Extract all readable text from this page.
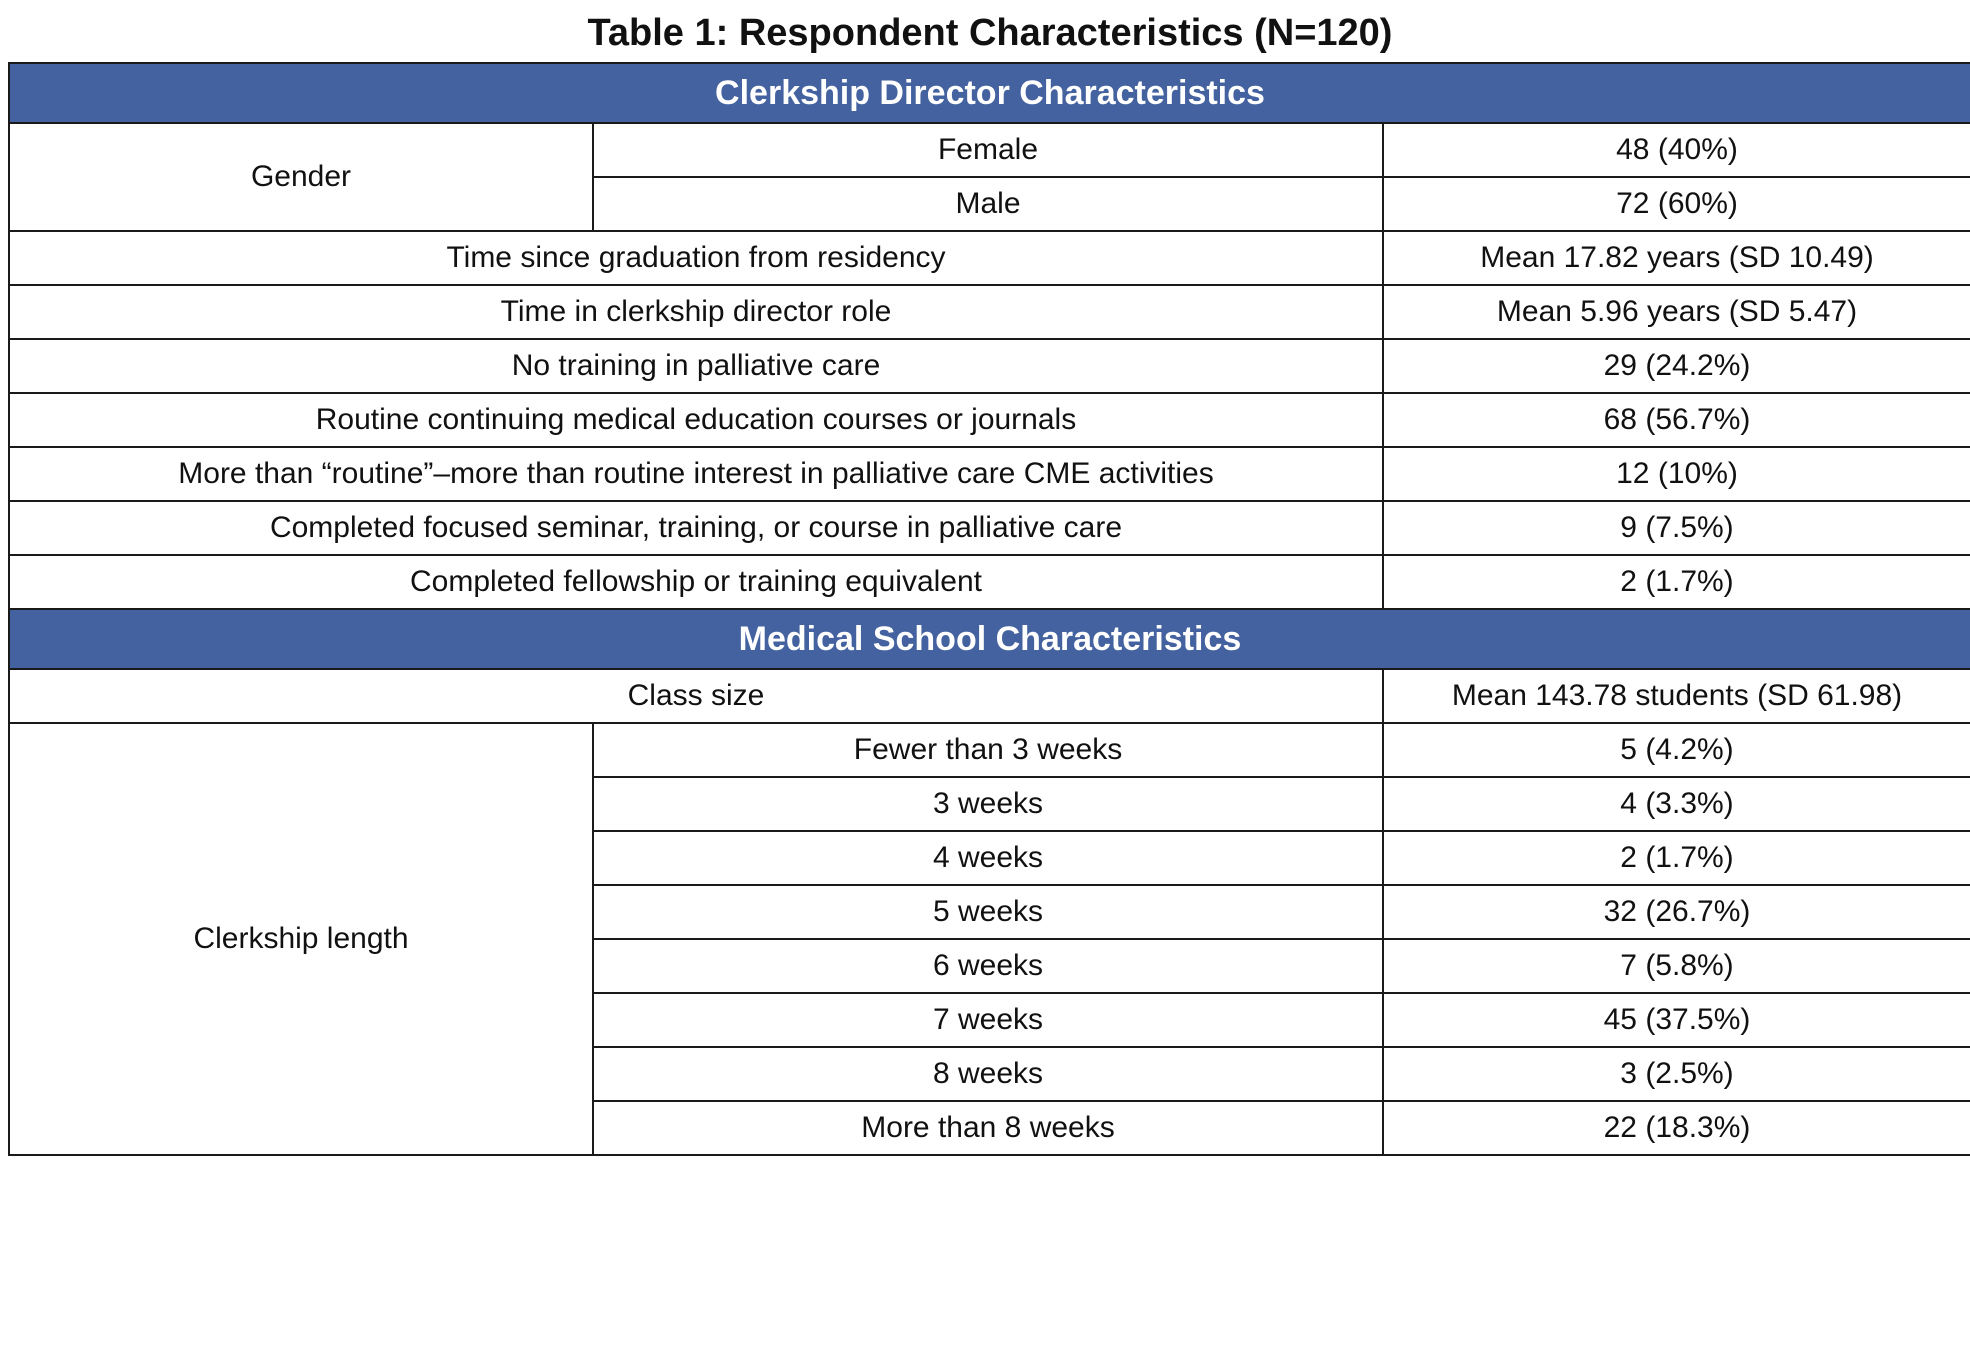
Table 1: Respondent Characteristics (N=120)
Clerkship Director Characteristics		
Gender	Female	48 (40%)
	Male	72 (60%)
Time since graduation from residency		Mean 17.82 years (SD 10.49)
Time in clerkship director role		Mean 5.96 years (SD 5.47)
No training in palliative care		29 (24.2%)
Routine continuing medical education courses or journals		68 (56.7%)
More than “routine”–more than routine interest in palliative care CME activities		12 (10%)
Completed focused seminar, training, or course in palliative care		9 (7.5%)
Completed fellowship or training equivalent		2 (1.7%)
Medical School Characteristics		
Class size		Mean 143.78 students (SD 61.98)
Clerkship length	Fewer than 3 weeks	5 (4.2%)
	3 weeks	4 (3.3%)
	4 weeks	2 (1.7%)
	5 weeks	32 (26.7%)
	6 weeks	7 (5.8%)
	7 weeks	45 (37.5%)
	8 weeks	3 (2.5%)
	More than 8 weeks	22 (18.3%)
